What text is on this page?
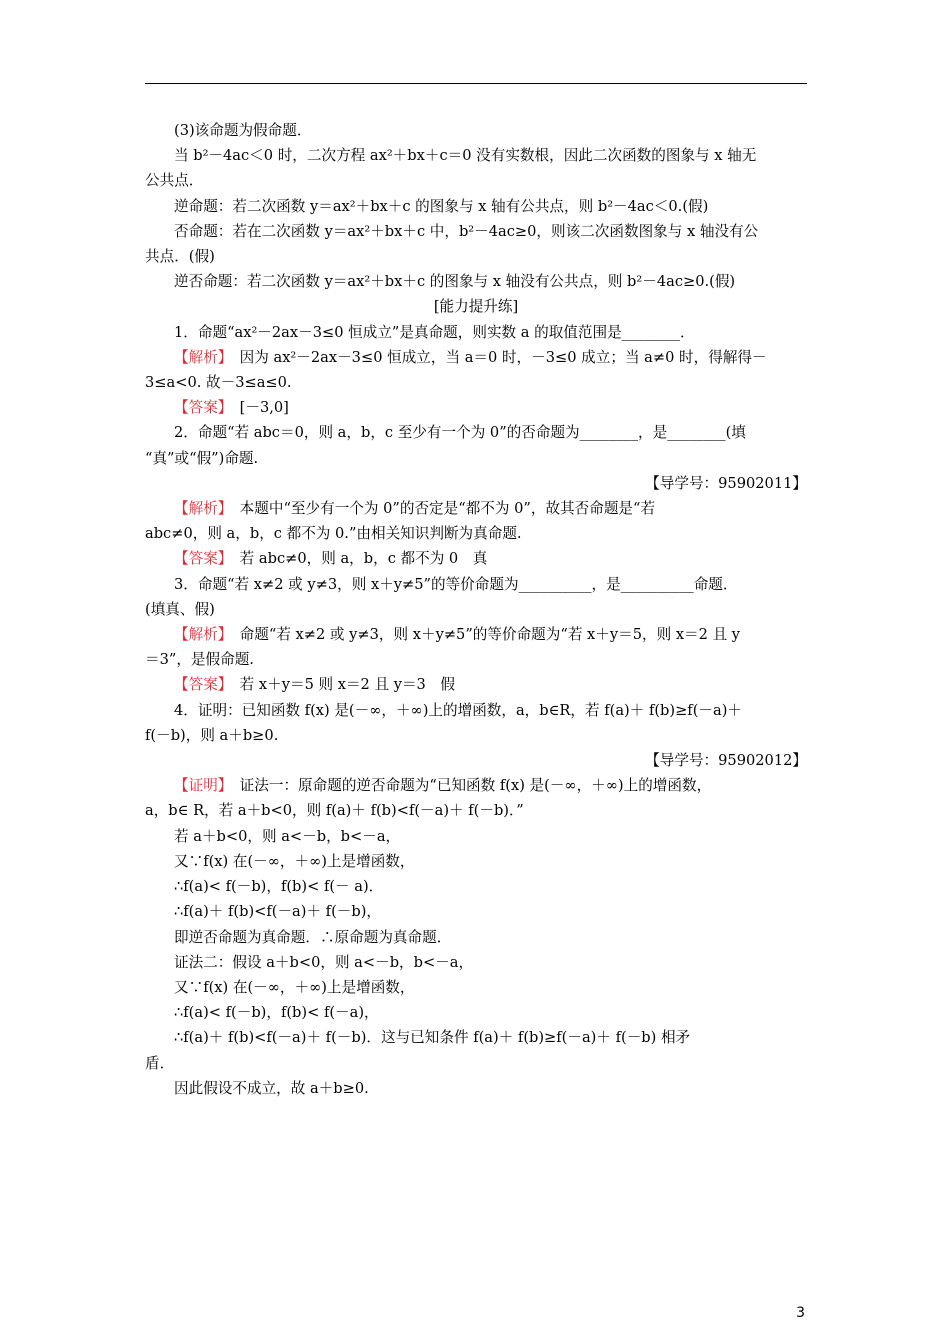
(3)该命题为假命题．
当 b²－4ac＜0 时，二次方程 ax²＋bx＋c＝0 没有实数根，因此二次函数的图象与 x 轴无
公共点．
逆命题：若二次函数 y＝ax²＋bx＋c 的图象与 x 轴有公共点，则 b²－4ac＜0.(假)
否命题：若在二次函数 y＝ax²＋bx＋c 中，b²－4ac≥0，则该二次函数图象与 x 轴没有公
共点．(假)
逆否命题：若二次函数 y＝ax²＋bx＋c 的图象与 x 轴没有公共点，则 b²－4ac≥0.(假)
[能力提升练]
1．命题“ax²－2ax－3≤0 恒成立”是真命题，则实数 a 的取值范围是________．
【解析】　因为 ax²－2ax－3≤0 恒成立，当 a＝0 时，－3≤0 成立；当 a≠0 时，得解得－
3≤a<0. 故－3≤a≤0.
【答案】　[－3,0]
2．命题“若 abc＝0，则 a，b，c 至少有一个为 0”的否命题为________，是________(填
“真”或“假”)命题.
【导学号：95902011】
【解析】　本题中“至少有一个为 0”的否定是“都不为 0”，故其否命题是“若
abc≠0，则 a，b，c 都不为 0.”由相关知识判断为真命题.
【答案】　若 abc≠0，则 a，b，c 都不为 0　真
3．命题“若 x≠2 或 y≠3，则 x＋y≠5”的等价命题为__________，是__________命题．
(填真、假)
【解析】　命题“若 x≠2 或 y≠3，则 x＋y≠5”的等价命题为“若 x＋y＝5，则 x＝2 且 y
＝3”，是假命题.
【答案】　若 x＋y＝5 则 x＝2 且 y＝3　假
4．证明：已知函数 f(x) 是(－∞，＋∞)上的增函数，a，b∈R，若 f(a)＋ f(b)≥f(－a)＋
f(－b)，则 a＋b≥0.
【导学号：95902012】
【证明】　证法一：原命题的逆否命题为“已知函数 f(x) 是(－∞，＋∞)上的增函数，
a，b∈ R，若 a＋b<0，则 f(a)＋ f(b)<f(－a)＋ f(－b)．”
若 a＋b<0，则 a<－b，b<－a，
又∵f(x) 在(－∞，＋∞)上是增函数，
∴f(a)< f(－b)，f(b)< f(－ a)．
∴f(a)＋ f(b)<f(－a)＋ f(－b)，
即逆否命题为真命题．∴原命题为真命题．
证法二：假设 a＋b<0，则 a<－b，b<－a，
又∵f(x) 在(－∞，＋∞)上是增函数，
∴f(a)< f(－b)，f(b)< f(－a)，
∴f(a)＋ f(b)<f(－a)＋ f(－b)．这与已知条件 f(a)＋ f(b)≥f(－a)＋ f(－b) 相矛
盾．
因此假设不成立，故 a＋b≥0.
3
